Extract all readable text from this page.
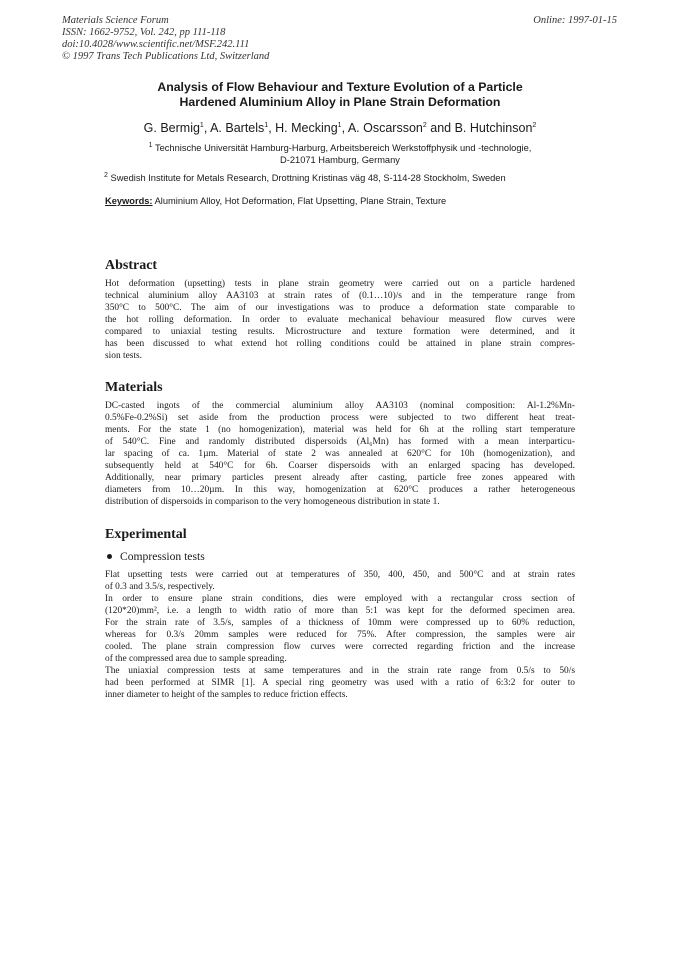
Materials Science Forum
ISSN: 1662-9752, Vol. 242, pp 111-118
doi:10.4028/www.scientific.net/MSF.242.111
© 1997 Trans Tech Publications Ltd, Switzerland
Online: 1997-01-15
Analysis of Flow Behaviour and Texture Evolution of a Particle
Hardened Aluminium Alloy in Plane Strain Deformation
G. Bermig$^1$, A. Bartels$^1$, H. Mecking$^1$, A. Oscarsson$^2$ and B. Hutchinson$^2$
$^1$ Technische Universität Hamburg-Harburg, Arbeitsbereich Werkstoffphysik und -technologie,
D-21071 Hamburg, Germany
$^2$ Swedish Institute for Metals Research, Drottning Kristinas väg 48, S-114-28 Stockholm, Sweden
Keywords: Aluminium Alloy, Hot Deformation, Flat Upsetting, Plane Strain, Texture
Abstract
Hot deformation (upsetting) tests in plane strain geometry were carried out on a particle hardened
technical aluminium alloy AA3103 at strain rates of (0.1…10)/s and in the temperature range from
350°C to 500°C. The aim of our investigations was to produce a deformation state comparable to
the hot rolling deformation. In order to evaluate mechanical behaviour measured flow curves were
compared to uniaxial testing results. Microstructure and texture formation were determined, and it
has been discussed to what extend hot rolling conditions could be attained in plane strain compres-
sion tests.
Materials
DC-casted ingots of the commercial aluminium alloy AA3103 (nominal composition: Al-1.2%Mn-
0.5%Fe-0.2%Si) set aside from the production process were subjected to two different heat treat-
ments. For the state 1 (no homogenization), material was held for 6h at the rolling start temperature
of 540°C. Fine and randomly distributed dispersoids (Al₆Mn) has formed with a mean interparticu-
lar spacing of ca. 1µm. Material of state 2 was annealed at 620°C for 10h (homogenization), and
subsequently held at 540°C for 6h. Coarser dispersoids with an enlarged spacing has developed.
Additionally, near primary particles present already after casting, particle free zones appeared with
diameters from 10…20µm. In this way, homogenization at 620°C produces a rather heterogeneous
distribution of dispersoids in comparison to the very homogeneous distribution in state 1.
Experimental
Compression tests
Flat upsetting tests were carried out at temperatures of 350, 400, 450, and 500°C and at strain rates
of 0.3 and 3.5/s, respectively.
In order to ensure plane strain conditions, dies were employed with a rectangular cross section of
(120*20)mm², i.e. a length to width ratio of more than 5:1 was kept for the deformed specimen area.
For the strain rate of 3.5/s, samples of a thickness of 10mm were compressed up to 60% reduction,
whereas for 0.3/s 20mm samples were reduced for 75%. After compression, the samples were air
cooled. The plane strain compression flow curves were corrected regarding friction and the increase
of the compressed area due to sample spreading.
The uniaxial compression tests at same temperatures and in the strain rate range from 0.5/s to 50/s
had been performed at SIMR [1]. A special ring geometry was used with a ratio of 6:3:2 for outer to
inner diameter to height of the samples to reduce friction effects.
